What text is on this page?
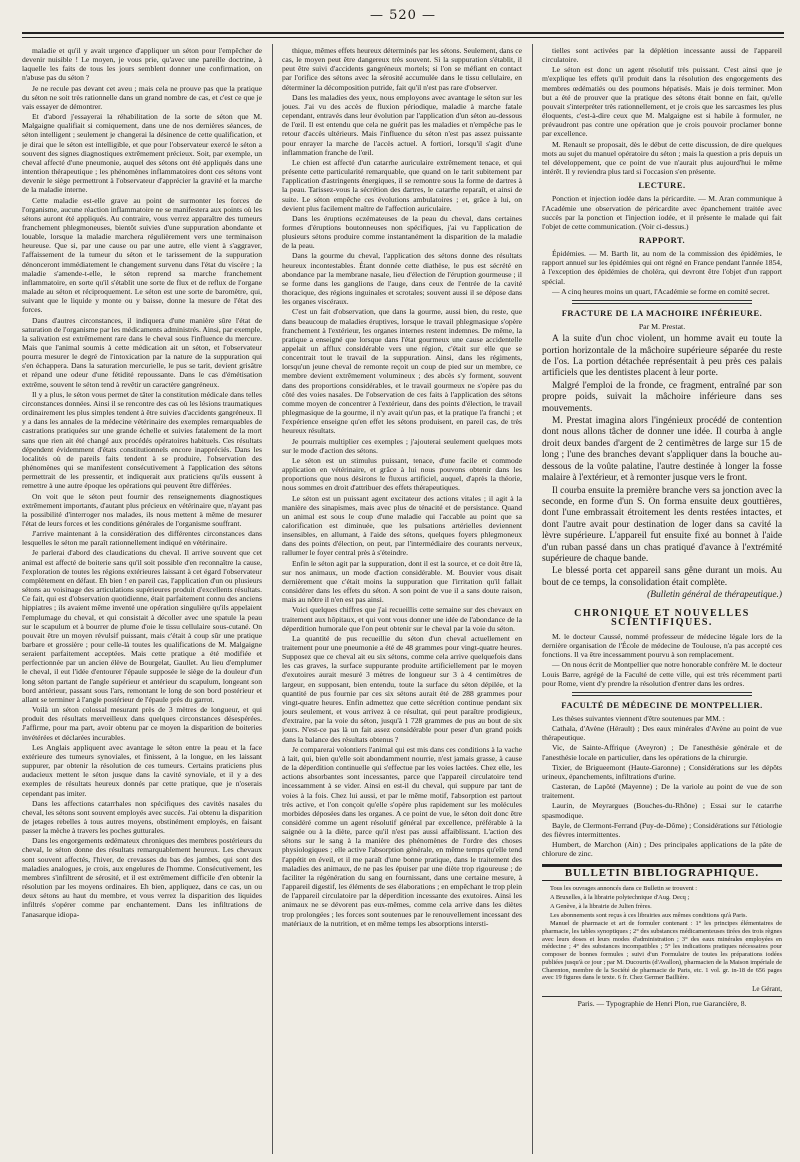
— 520 —

maladie et qu'il y avait urgence d'appliquer un séton pour l'empêcher de devenir nuisible ! Le moyen, je vous prie, qu'avec une pareille doctrine, à laquelle les faits de tous les jours semblent donner une confirmation, on n'abuse pas du séton ?

Je ne recule pas devant cet aveu ; mais cela ne prouve pas que la pratique du séton ne soit très rationnelle dans un grand nombre de cas, et c'est ce que je vais essayer de démontrer.

Et d'abord j'essayerai la réhabilitation de la sorte de séton que M. Malgaigne qualifiait si comiquement, dans une de nos dernières séances, de séton intelligent ; seulement je changerai la désinence de cette qualification, et je dirai que le séton est intelligible, et que pour l'observateur exercé le séton a souvent des signes diagnostiques extrêmement précieux. Soit, par exemple, un cheval affecté d'une pneumonie, auquel des sétons ont été appliqués dans une intention thérapeutique ; les phénomènes inflammatoires dont ces sétons vont devenir le siège permettront à l'observateur d'apprécier la gravité et la marche de la maladie interne.

Cette maladie est-elle grave au point de surmonter les forces de l'organisme, aucune réaction inflammatoire ne se manifestera aux points où les sétons auront été appliqués. Au contraire, vous verrez apparaître des tumeurs franchement phlegmoneuses, bientôt suivies d'une suppuration abondante et louable, lorsque la maladie marchera régulièrement vers une terminaison heureuse. Que si, par une cause ou par une autre, elle vient à s'aggraver, l'affaissement de la tumeur du séton et le tarissement de la suppuration dénonceront immédiatement le changement survenu dans l'état du viscère ; la maladie s'amende-t-elle, le séton reprend sa marche franchement inflammatoire, en sorte qu'il s'établit une sorte de flux et de reflux de l'organe malade au séton et réciproquement. Le séton est une sorte de baromètre, qui, suivant que le liquide y monte ou y baisse, donne la mesure de l'état des forces.

Dans d'autres circonstances, il indiquera d'une manière sûre l'état de saturation de l'organisme par les médicaments administrés. Ainsi, par exemple, la salivation est extrêmement rare dans le cheval sous l'influence du mercure. Mais que l'animal soumis à cette médication ait un séton, et l'observateur pourra mesurer le degré de l'intoxication par la nature de la suppuration qui s'en échappera. Dans la saturation mercurielle, le pus se tarit, devient grisâtre et répand une odeur d'une fétidité repoussante. Dans le cas d'émétisation extrême, souvent le séton tend à revêtir un caractère gangréneux.

Il y a plus, le séton vous permet de tâter la constitution médicale dans telles circonstances données. Ainsi il se rencontre des cas où les lésions traumatiques ordinairement les plus simples tendent à être suivies d'accidents gangréneux. Il y a dans les annales de la médecine vétérinaire des exemples remarquables de castrations pratiquées sur une grande échelle et suivies fatalement de la mort sans que rien ait été changé aux procédés opératoires habituels. Ces résultats dépendent évidemment d'états constitutionnels encore inappréciés. Dans les localités où de pareils faits tendent à se produire, l'observation des phénomènes qui se manifestent consécutivement à l'application des sétons permettrait de les pressentir, et indiquerait aux praticiens qu'ils eussent à remettre à une autre époque les opérations qui peuvent être différées.

On voit que le séton peut fournir des renseignements diagnostiques extrêmement importants, d'autant plus précieux en vétérinaire que, n'ayant pas la possibilité d'interroger nos malades, ils nous mettent à même de mesurer l'état de leurs forces et les conditions générales de l'organisme souffrant.

J'arrive maintenant à la considération des différentes circonstances dans lesquelles le séton me paraît rationnellement indiqué en vétérinaire.

Je parlerai d'abord des claudications du cheval. Il arrive souvent que cet animal est affecté de boiterie sans qu'il soit possible d'en reconnaître la cause, l'exploration de toutes les régions extérieures laissant à cet égard l'observateur complètement en défaut. Eh bien ! en pareil cas, l'application d'un ou plusieurs sétons au voisinage des articulations supérieures produit d'excellents résultats. Ce fait, qui est d'observation quotidienne, était parfaitement connu des anciens hippiatres ; ils avaient même inventé une opération singulière qu'ils appelaient l'emplumage du cheval, et qui consistait à décoller avec une spatule la peau sur le scapulum et à bourrer de plume d'oie le tissu cellulaire sous-cutané. On pouvait être un moyen révulsif puissant, mais c'était à coup sûr une pratique barbare et grossière ; pour celle-là toutes les qualifications de M. Malgaigne seraient parfaitement acceptées. Mais cette pratique a été modifiée et perfectionnée par un ancien élève de Bourgelat, Gaullet. Au lieu d'emplumer le cheval, il eut l'idée d'entourer l'épaule supposée le siège de la douleur d'un long séton partant de l'angle supérieur et antérieur du scapulum, longeant son bord antérieur, passant sous l'ars, remontant le long de son bord postérieur et allant se terminer à l'angle postérieur de l'épaule près du garrot.

Voilà un séton colossal mesurant près de 3 mètres de longueur, et qui produit des résultats merveilleux dans quelques circonstances désespérées. J'affirme, pour ma part, avoir obtenu par ce moyen la disparition de boiteries invétérées et déclarées incurables.

Les Anglais appliquent avec avantage le séton entre la peau et la face extérieure des tumeurs synoviales, et finissent, à la longue, en les laissant suppurer, par obtenir la résolution de ces tumeurs. Certains praticiens plus audacieux mettent le séton jusque dans la cavité synoviale, et il y a des exemples de résultats heureux donnés par cette pratique, que je n'oserais cependant pas imiter.

Dans les affections catarrhales non spécifiques des cavités nasales du cheval, les sétons sont souvent employés avec succès. J'ai obtenu la disparition de jetages rebelles à tous autres moyens, obstinément employés, en faisant passer la mèche à travers les poches gutturales.

Dans les engorgements œdémateux chroniques des membres postérieurs du cheval, le séton donne des résultats remarquablement heureux. Les chevaux sont souvent affectés, l'hiver, de crevasses du bas des jambes, qui sont des maladies analogues, je crois, aux engelures de l'homme. Consécutivement, les membres s'infiltrent de sérosité, et il est extrêmement difficile d'en obtenir la résolution par les moyens ordinaires. Eh bien, appliquez, dans ce cas, un ou deux sétons au haut du membre, et vous verrez la disparition des liquides infiltrés s'opérer comme par enchantement. Dans les infiltrations de l'anasarque idiopa-

thique, mêmes effets heureux déterminés par les sétons. Seulement, dans ce cas, le moyen peut être dangereux très souvent. Si la suppuration s'établit, il peut être suivi d'accidents gangréneux mortels; si l'on se méfiant en contact par l'orifice des sétons avec la sérosité accumulée dans le tissu cellulaire, en déterminer la décomposition putride, fait qu'il n'est pas rare d'observer.

Dans les maladies des yeux, nous employons avec avantage le séton sur les joues. J'ai vu des accès de fluxion périodique, maladie à marche fatale cependant, entravés dans leur évolution par l'application d'un séton au-dessous de l'œil. Il est entendu que cela ne guérit pas les maladies et n'empêche pas le retour d'accès ultérieurs. Mais l'influence du séton n'est pas assez puissante pour enrayer la marche de l'accès actuel. A fortiori, lorsqu'il s'agit d'une inflammation franche de l'œil.

Le chien est affecté d'un catarrhe auriculaire extrêmement tenace, et qui présente cette particularité remarquable, que quand on le tarit subitement par l'application d'astringents énergiques, il se remontre sous la forme de dartres à la peau. Tarissez-vous la sécrétion des dartres, le catarrhe reparaît, et ainsi de suite. Le séton empêche ces évolutions ambulatoires ; et, grâce à lui, on devient plus facilement maître de l'affection auriculaire.

Dans les éruptions eczémateuses de la peau du cheval, dans certaines formes d'éruptions boutonneuses non spécifiques, j'ai vu l'application de plusieurs sétons produire comme instantanément la disparition de la maladie de la peau.

Dans la gourme du cheval, l'application des sétons donne des résultats heureux incontestables. Étant donnée cette diathèse, le pus est sécrété en abondance par la membrane nasale, lieu d'élection de l'éruption gourmeuse ; il se forme dans les ganglions de l'auge, dans ceux de l'entrée de la cavité thoracique, des régions inguinales et scrotales; souvent aussi il se dépose dans les organes viscéraux.

C'est un fait d'observation, que dans la gourme, aussi bien, du reste, que dans beaucoup de maladies éruptives, lorsque le travail phlegmasique s'opère franchement à l'extérieur, les organes internes restent indemnes. De même, la pratique a enseigné que lorsque dans l'état gourmeux une cause accidentelle appelait un afflux considérable vers une région, c'était sur elle que se concentrait tout le travail de la suppuration. Ainsi, dans les régiments, lorsqu'un jeune cheval de remonte reçoit un coup de pied sur un membre, ce membre devient extrêmement volumineux ; des abcès s'y forment, souvent dans des proportions considérables, et le travail gourmeux ne s'opère pas du côté des voies nasales. De l'observation de ces faits à l'application des sétons comme moyen de concentrer à l'extérieur, dans des points d'élection, le travail phlegmasique de la gourme, il n'y avait qu'un pas, et la pratique l'a franchi ; et l'expérience enseigne qu'en effet les sétons produisent, en pareil cas, de très heureux résultats.

Je pourrais multiplier ces exemples ; j'ajouterai seulement quelques mots sur le mode d'action des sétons.

Le séton est un stimulus puissant, tenace, d'une facile et commode application en vétérinaire, et grâce à lui nous pouvons obtenir dans les proportions que nous désirons le fluxus artificiel, auquel, d'après la théorie, nous sommes en droit d'attribuer des effets thérapeutiques.

Le séton est un puissant agent excitateur des actions vitales ; il agit à la manière des sinapismes, mais avec plus de ténacité et de persistance. Quand un animal est sous le coup d'une maladie qui l'accable au point que sa calorification est diminuée, que les pulsations artérielles deviennent insensibles, en allumant, à l'aide des sétons, quelques foyers phlegmoneux dans des points d'élection, on peut, par l'intermédiaire des courants nerveux, rallumer le foyer central près à s'éteindre.

Enfin le séton agit par la suppuration, dont il est la source, et ce doit être là, sur nos animaux, un mode d'action considérable. M. Bouvier vous disait dernièrement que c'était moins la suppuration que l'irritation qu'il fallait considérer dans les effets du séton. A son point de vue il a sans doute raison, mais au nôtre il n'en est pas ainsi.

Voici quelques chiffres que j'ai recueillis cette semaine sur des chevaux en traitement aux hôpitaux, et qui vont vous donner une idée de l'abondance de la déperdition humorale que l'on peut obtenir sur le cheval par la voie du séton.

La quantité de pus recueillie du séton d'un cheval actuellement en traitement pour une pneumonie a été de 48 grammes pour vingt-quatre heures. Supposez que ce cheval ait eu six sétons, comme cela arrive quelquefois dans les cas graves, la surface suppurante produite artificiellement par le moyen d'exutoires aurait mesuré 3 mètres de longueur sur 3 à 4 centimètres de largeur, en supposant, bien entendu, toute la surface du séton dépilée, et la quantité de pus fournie par ces six sétons aurait été de 288 grammes pour vingt-quatre heures. Enfin admettez que cette sécrétion continue pendant six jours seulement, et vous arrivez à ce résultat, qui peut paraître prodigieux, d'extraire, par la voie du séton, jusqu'à 1 728 grammes de pus au bout de six jours. N'est-ce pas là un fait assez considérable pour peser d'un grand poids dans la balance des résultats obtenus ?

Je comparerai volontiers l'animal qui est mis dans ces conditions à la vache à lait, qui, bien qu'elle soit abondamment nourrie, n'est jamais grasse, à cause de la déperdition continuelle qui s'effectue par les voies lactées. Chez elle, les actions absorbantes sont incessantes, parce que l'appareil circulatoire tend incessamment à se vider. Ainsi en est-il du cheval, qui suppure par tant de voies à la fois. Chez lui aussi, et par le même motif, l'absorption est partout très active, et l'on conçoit qu'elle s'opère plus rapidement sur les molécules morbides déposées dans les organes. A ce point de vue, le séton doit donc être considéré comme un agent résolutif général par excellence, préférable à la saignée ou à la diète, parce qu'il n'est pas aussi affaiblissant. L'action des sétons sur le sang à la manière des phénomènes de l'ordre des choses physiologiques ; elle active l'absorption générale, en même temps qu'elle tend l'appétit en éveil, et il me paraît d'une bonne pratique, dans le traitement des maladies des animaux, de ne pas les épuiser par une diète trop rigoureuse ; de faciliter la régénération du sang en fournissant, dans une certaine mesure, à l'appareil digestif, les éléments de ses élaborations ; en empêchant le trop plein de l'appareil circulatoire par la déperdition incessante des exutoires. Ainsi les animaux ne se dévorent pas eux-mêmes, comme cela arrive dans les diètes trop prolongées ; les forces sont soutenues par le renouvellement incessant des matériaux de la nutrition, et en même temps les absorptions intersti-

tielles sont activées par la déplétion incessante aussi de l'appareil circulatoire.

Le séton est donc un agent résolutif très puissant. C'est ainsi que je m'explique les effets qu'il produit dans la résolution des engorgements des membres œdématiés ou des poumons hépatisés. Mais je dois terminer. Mon but a été de prouver que la pratique des sétons était bonne en fait, qu'elle pouvait s'interpréter très rationnellement, et je crois que les sarcasmes les plus éloquents, c'est-à-dire ceux que M. Malgaigne est si habile à formuler, ne prévaudront pas contre une opération que je crois pouvoir proclamer bonne par excellence.

M. Renault se proposait, dès le début de cette discussion, de dire quelques mots au sujet du manuel opératoire du séton ; mais la question a pris depuis un tel développement, que ce point de vue n'aurait plus aujourd'hui le même intérêt. Il y reviendra plus tard si l'occasion s'en présente.

LECTURE.

Ponction et injection iodée dans la péricardite. — M. Aran communique à l'Académie une observation de péricardite avec épanchement traitée avec succès par la ponction et l'injection iodée, et il présente le malade qui fait l'objet de cette communication. (Voir ci-dessus.)

RAPPORT.

Épidémies. — M. Barth lit, au nom de la commission des épidémies, le rapport annuel sur les épidémies qui ont régné en France pendant l'année 1854, à l'exception des épidémies de choléra, qui devront être l'objet d'un rapport spécial.

— A cinq heures moins un quart, l'Académie se forme en comité secret.

FRACTURE DE LA MACHOIRE INFÉRIEURE.
Par M. Prestat.

A la suite d'un choc violent, un homme avait eu toute la portion horizontale de la mâchoire supérieure séparée du reste de l'os. La portion détachée représentait à peu près ces palais artificiels que les dentistes placent à leur porte.

Malgré l'emploi de la fronde, ce fragment, entraîné par son propre poids, suivait la mâchoire inférieure dans ses mouvements.

M. Prestat imagina alors l'ingénieux procédé de contention dont nous allons tâcher de donner une idée. Il courba à angle droit deux bandes d'argent de 2 centimètres de large sur 15 de long ; l'une des branches devant s'appliquer dans la bouche au-dessous de la voûte palatine, l'autre destinée à longer la fosse malaire à l'extérieur, et à remonter jusque vers le front.

Il courba ensuite la première branche vers sa jonction avec la seconde, en forme d'un S. On forma ensuite deux gouttières, dont l'une embrassait étroitement les dents restées intactes, et dont l'autre avait pour destination de loger dans sa cavité la lèvre supérieure. L'appareil fut ensuite fixé au bonnet à l'aide d'un ruban passé dans un chas pratiqué d'avance à l'extrémité supérieure de chaque bande.

Le blessé porta cet appareil sans gêne durant un mois. Au bout de ce temps, la consolidation était complète.

(Bulletin général de thérapeutique.)
CHRONIQUE ET NOUVELLES SCIENTIFIQUES.

M. le docteur Caussé, nommé professeur de médecine légale lors de la dernière organisation de l'École de médecine de Toulouse, n'a pas accepté ces fonctions. Il va être incessamment pourvu à son remplacement.

— On nous écrit de Montpellier que notre honorable confrère M. le docteur Louis Barre, agrégé de la Faculté de cette ville, qui est très récemment parti pour Rome, vient d'y prendre la résolution d'entrer dans les ordres.

FACULTÉ DE MÉDECINE DE MONTPELLIER.

Les thèses suivantes viennent d'être soutenues par MM. :

Cathala, d'Avène (Hérault) ; Des eaux minérales d'Avène au point de vue thérapeutique.

Vic, de Sainte-Affrique (Aveyron) ; De l'anesthésie générale et de l'anesthésie locale en particulier, dans les opérations de la chirurgie.

Tixier, de Brigueemont (Haute-Garonne) ; Considérations sur les dépôts urineux, épanchements, infiltrations d'urine.

Casteran, de Lapôté (Mayenne) ; De la variole au point de vue de son traitement.

Laurin, de Meyrargues (Bouches-du-Rhône) ; Essai sur le catarrhe spasmodique.

Bayle, de Clermont-Ferrand (Puy-de-Dôme) ; Considérations sur l'étiologie des fièvres intermittentes.

Humbert, de Marchon (Ain) ; Des principales applications de la pâte de chlorure de zinc.

BULLETIN BIBLIOGRAPHIQUE.

Tous les ouvrages annoncés dans ce Bulletin se trouvent :

A Bruxelles, à la librairie polytechnique d'Aug. Decq ;

A Genève, à la librairie de Julien frères.

Les abonnements sont reçus à ces librairies aux mêmes conditions qu'à Paris.

Manuel de pharmacie et art de formuler contenant : 1° les principes élémentaires de pharmacie, les tables synoptiques ; 2° des substances médicamenteuses tirées des trois règnes avec leurs doses et leurs modes d'administration ; 3° des eaux minérales employées en médecine ; 4° des substances incompatibles ; 5° les indications pratiques nécessaires pour composer de bonnes formules ; suivi d'un Formulaire de toutes les préparations iodées publiées jusqu'à ce jour ; par M. Ducourtis (d'Avallon), pharmacien de la Maison impériale de Charenton, membre de la Société de pharmacie de Paris, etc. 1 vol. gr. in-18 de 656 pages avec 19 figures dans le texte. 6 fr. Chez Germer Baillière.

Le Gérant,
Paris. — Typographie de Henri Plon, rue Garancière, 8.
